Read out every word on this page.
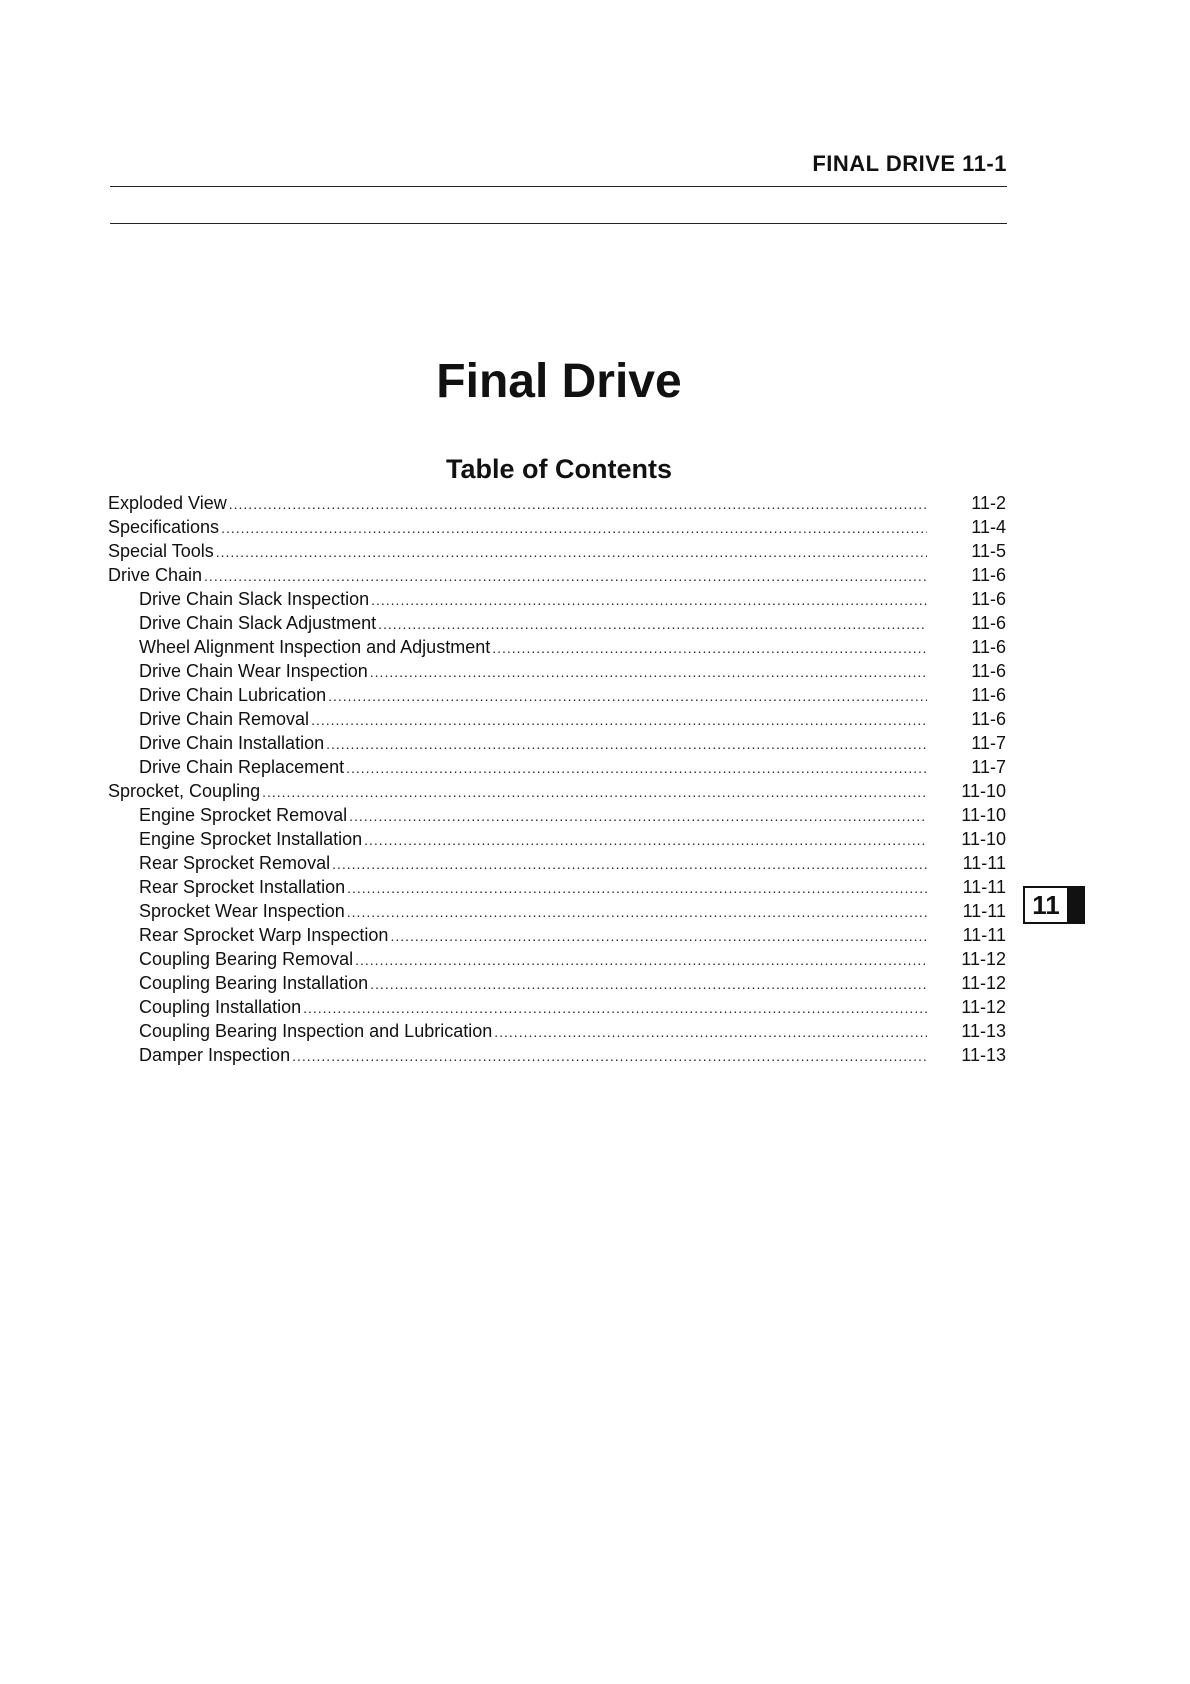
FINAL DRIVE 11-1
Final Drive
Table of Contents
Exploded View .....	11-2
Specifications .....	11-4
Special Tools .....	11-5
Drive Chain .....	11-6
Drive Chain Slack Inspection .....	11-6
Drive Chain Slack Adjustment .....	11-6
Wheel Alignment Inspection and Adjustment .....	11-6
Drive Chain Wear Inspection .....	11-6
Drive Chain Lubrication .....	11-6
Drive Chain Removal .....	11-6
Drive Chain Installation .....	11-7
Drive Chain Replacement .....	11-7
Sprocket, Coupling .....	11-10
Engine Sprocket Removal .....	11-10
Engine Sprocket Installation .....	11-10
Rear Sprocket Removal .....	11-11
Rear Sprocket Installation .....	11-11
Sprocket Wear Inspection .....	11-11
Rear Sprocket Warp Inspection .....	11-11
Coupling Bearing Removal .....	11-12
Coupling Bearing Installation .....	11-12
Coupling Installation .....	11-12
Coupling Bearing Inspection and Lubrication .....	11-13
Damper Inspection .....	11-13
11
